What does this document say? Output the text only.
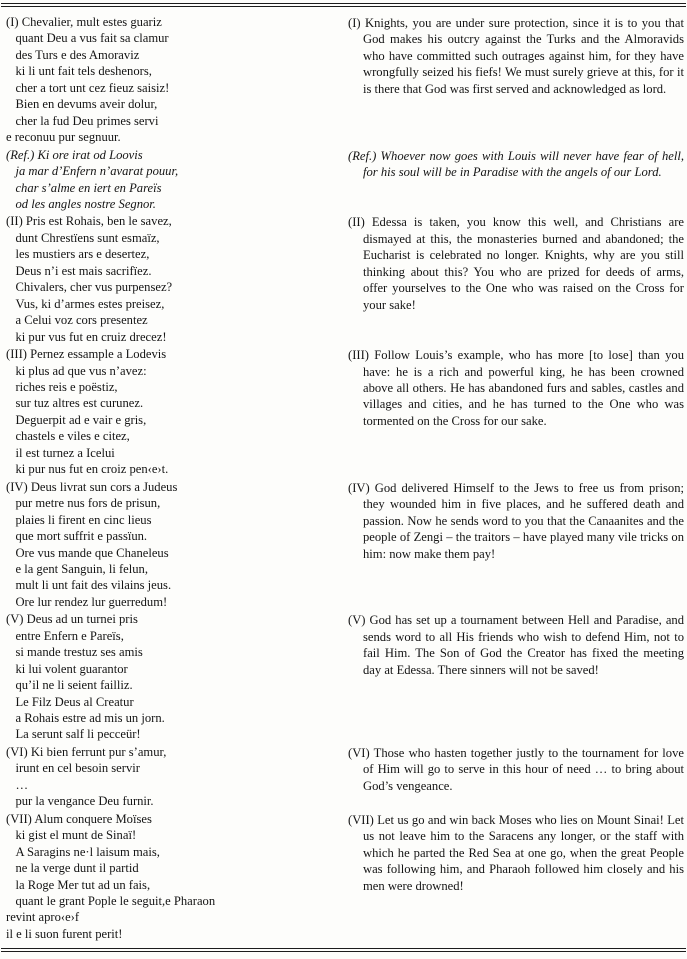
(I) Chevalier, mult estes guariz
quant Deu a vus fait sa clamur
des Turs e des Amoraviz
ki li unt fait tels deshenors,
cher a tort unt cez fieuz saisiz!
Bien en devums aveir dolur,
cher la fud Deu primes servi
e reconuu pur segnuur.

(I) Knights, you are under sure protection, since it is to you that God makes his outcry against the Turks and the Almoravids who have committed such outrages against him, for they have wrongfully seized his fiefs! We must surely grieve at this, for it is there that God was first served and acknowledged as lord.

(Ref.) Ki ore irat od Loovis
ja mar d’Enfern n’avarat pouur,
char s’alme en iert en Pareïs
od les angles nostre Segnor.

(Ref.) Whoever now goes with Louis will never have fear of hell, for his soul will be in Paradise with the angels of our Lord.

(II) Pris est Rohais, ben le savez,
dunt Chrestïens sunt esmaïz,
les mustiers ars e desertez,
Deus n’i est mais sacrifïez.
Chivalers, cher vus purpensez?
Vus, ki d’armes estes preisez,
a Celui voz cors presentez
ki pur vus fut en cruiz drecez!

(II) Edessa is taken, you know this well, and Christians are dismayed at this, the monasteries burned and abandoned; the Eucharist is celebrated no longer. Knights, why are you still thinking about this? You who are prized for deeds of arms, offer yourselves to the One who was raised on the Cross for your sake!

(III) Pernez essample a Lodevis
ki plus ad que vus n’avez:
riches reis e poëstiz,
sur tuz altres est curunez.
Deguerpit ad e vair e gris,
chastels e viles e citez,
il est turnez a Icelui
ki pur nus fut en croiz pen‹e›t.

(III) Follow Louis’s example, who has more [to lose] than you have: he is a rich and powerful king, he has been crowned above all others. He has abandoned furs and sables, castles and villages and cities, and he has turned to the One who was tormented on the Cross for our sake.

(IV) Deus livrat sun cors a Judeus
pur metre nus fors de prisun,
plaies li firent en cinc lieus
que mort suffrit e passïun.
Ore vus mande que Chaneleus
e la gent Sanguin, li felun,
mult li unt fait des vilains jeus.
Ore lur rendez lur guerredum!

(IV) God delivered Himself to the Jews to free us from prison; they wounded him in five places, and he suffered death and passion. Now he sends word to you that the Canaanites and the people of Zengi – the traitors – have played many vile tricks on him: now make them pay!

(V) Deus ad un turnei pris
entre Enfern e Pareïs,
si mande trestuz ses amis
ki lui volent guarantor
qu’il ne li seient failliz.
Le Filz Deus al Creatur
a Rohais estre ad mis un jorn.
La serunt salf li pecceür!

(V) God has set up a tournament between Hell and Paradise, and sends word to all His friends who wish to defend Him, not to fail Him. The Son of God the Creator has fixed the meeting day at Edessa. There sinners will not be saved!

(VI) Ki bien ferrunt pur s’amur,
irunt en cel besoin servir
…
pur la vengance Deu furnir.

(VI) Those who hasten together justly to the tournament for love of Him will go to serve in this hour of need … to bring about God’s vengeance.

(VII) Alum conquere Moïses
ki gist el munt de Sinaï!
A Saragins ne·l laisum mais,
ne la verge dunt il partid
la Roge Mer tut ad un fais,
quant le grant Pople le seguit,e Pharaon
revint apro‹e›f
il e li suon furent perit!

(VII) Let us go and win back Moses who lies on Mount Sinai! Let us not leave him to the Saracens any longer, or the staff with which he parted the Red Sea at one go, when the great People was following him, and Pharaoh followed him closely and his men were drowned!
